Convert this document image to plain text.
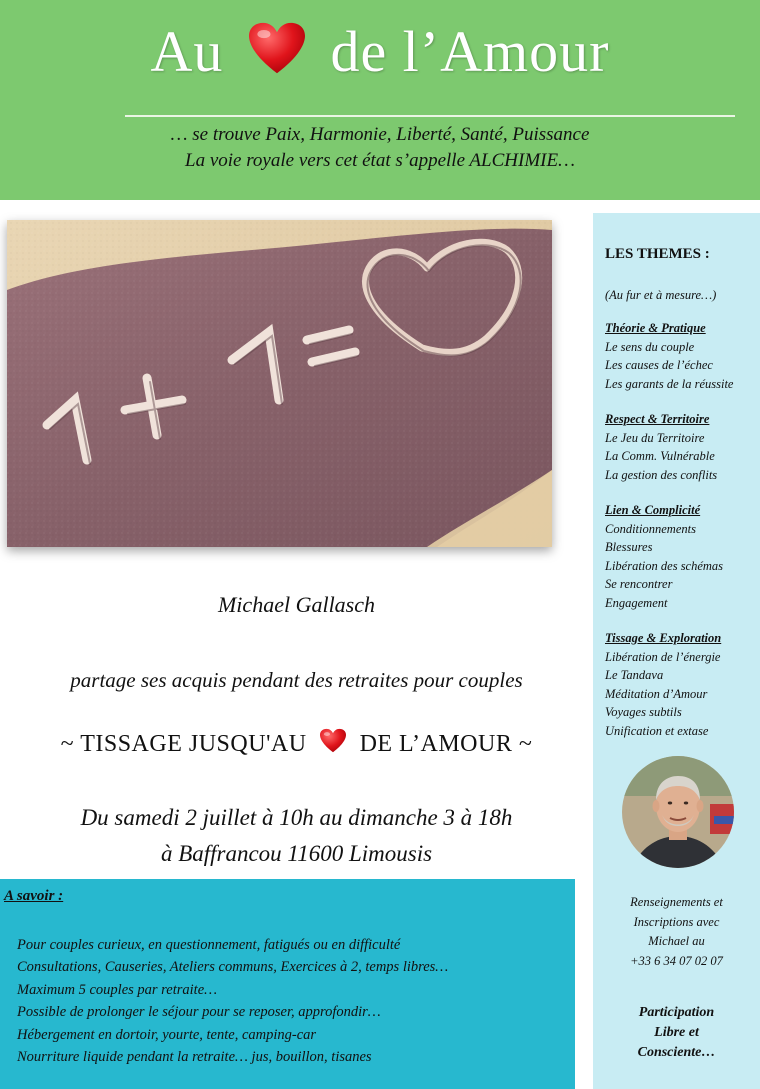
Au de l’Amour
… se trouve Paix, Harmonie, Liberté, Santé, Puissance
La voie royale vers cet état s’appelle ALCHIMIE…
LES THEMES :
(Au fur et à mesure…)
Théorie & Pratique
Le sens du couple
Les causes de l’échec
Les garants de la réussite
Respect & Territoire
Le Jeu du Territoire
La Comm. Vulnérable
La gestion des conflits
Lien & Complicité
Conditionnements
Blessures
Libération des schémas
Se rencontrer
Engagement
Tissage & Exploration
Libération de l’énergie
Le Tandava
Méditation d’Amour
Voyages subtils
Unification et extase
Renseignements et
Inscriptions avec
Michael au
+33 6 34 07 02 07
Participation
Libre et
Consciente…
Michael Gallasch
partage ses acquis pendant des retraites pour couples
~ TISSAGE JUSQU'AU DE L’AMOUR ~
Du samedi 2 juillet à 10h au dimanche 3 à 18h
à Baffrancou 11600 Limousis
A savoir :
Pour couples curieux, en questionnement, fatigués ou en difficulté
Consultations, Causeries, Ateliers communs, Exercices à 2, temps libres…
Maximum 5 couples par retraite…
Possible de prolonger le séjour pour se reposer, approfondir…
Hébergement en dortoir, yourte, tente, camping-car
Nourriture liquide pendant la retraite… jus, bouillon, tisanes
